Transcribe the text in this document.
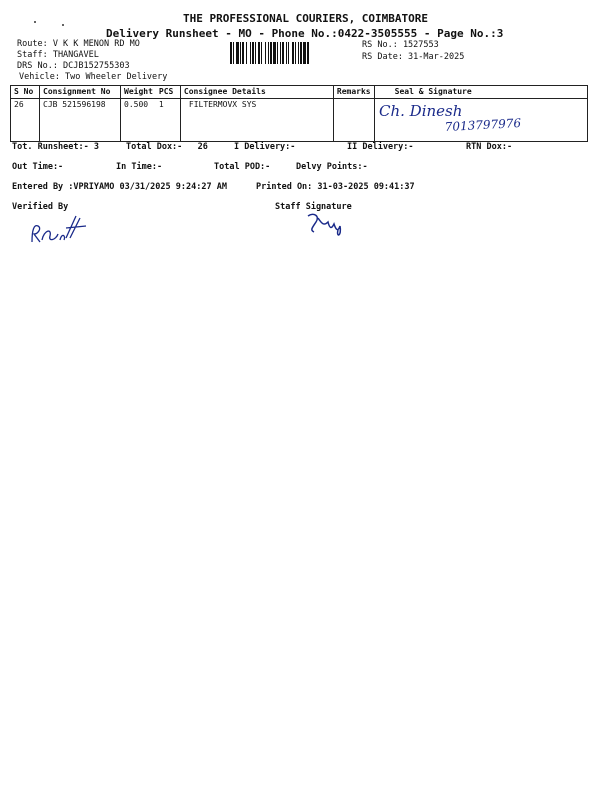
THE PROFESSIONAL COURIERS, COIMBATORE
Delivery Runsheet - MO - Phone No.:0422-3505555 - Page No.:3
Route: V K K MENON RD MO
Staff: THANGAVEL
DRS No.: DCJB152755303
Vehicle: Two Wheeler Delivery
RS No.: 1527553
RS Date: 31-Mar-2025
S No	Consignment No	Weight	PCS	Consignee Details	Remarks	Seal & Signature
26	CJB 521596198	0.500	1	FILTERMOVX SYS		Ch. Dinesh
7013797976
Tot. Runsheet:- 3	Total Dox:-   26	I Delivery:-	II Delivery:-	RTN Dox:-
Out Time:-	In Time:-	Total POD:-	Delvy Points:-
Entered By :VPRIYAMO 03/31/2025 9:24:27 AM	Printed On: 31-03-2025 09:41:37
Verified By	Staff Signature
